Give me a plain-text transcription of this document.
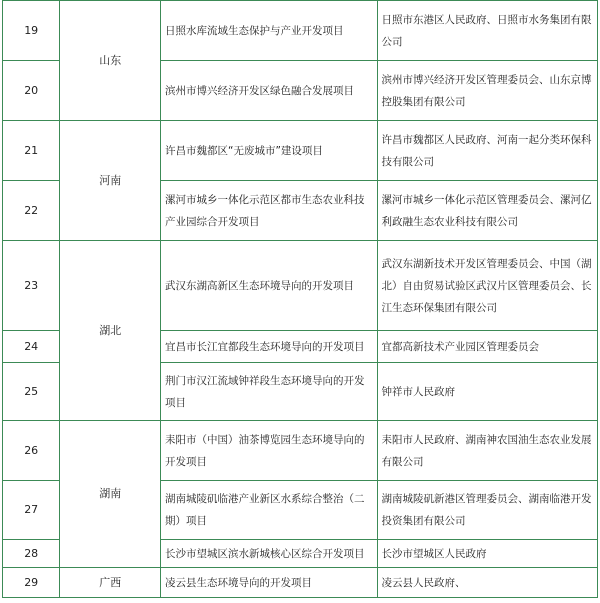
19	山东	日照水库流域生态保护与产业开发项目	日照市东港区人民政府、日照市水务集团有限公司
20		滨州市博兴经济开发区绿色融合发展项目	滨州市博兴经济开发区管理委员会、山东京博控股集团有限公司
21	河南	许昌市魏都区“无废城市”建设项目	许昌市魏都区人民政府、河南一起分类环保科技有限公司
22		漯河市城乡一体化示范区都市生态农业科技产业园综合开发项目	漯河市城乡一体化示范区管理委员会、漯河亿利政融生态农业科技有限公司
23	湖北	武汉东湖高新区生态环境导向的开发项目	武汉东湖新技术开发区管理委员会、中国（湖北）自由贸易试验区武汉片区管理委员会、长江生态环保集团有限公司
24		宜昌市长江宜都段生态环境导向的开发项目	宜都高新技术产业园区管理委员会
25		荆门市汉江流域钟祥段生态环境导向的开发项目	钟祥市人民政府
26	湖南	耒阳市（中国）油茶博览园生态环境导向的开发项目	耒阳市人民政府、湖南神农国油生态农业发展有限公司
27		湖南城陵矶临港产业新区水系综合整治（二期）项目	湖南城陵矶新港区管理委员会、湖南临港开发投资集团有限公司
28		长沙市望城区滨水新城核心区综合开发项目	长沙市望城区人民政府
29	广西	凌云县生态环境导向的开发项目	凌云县人民政府、
